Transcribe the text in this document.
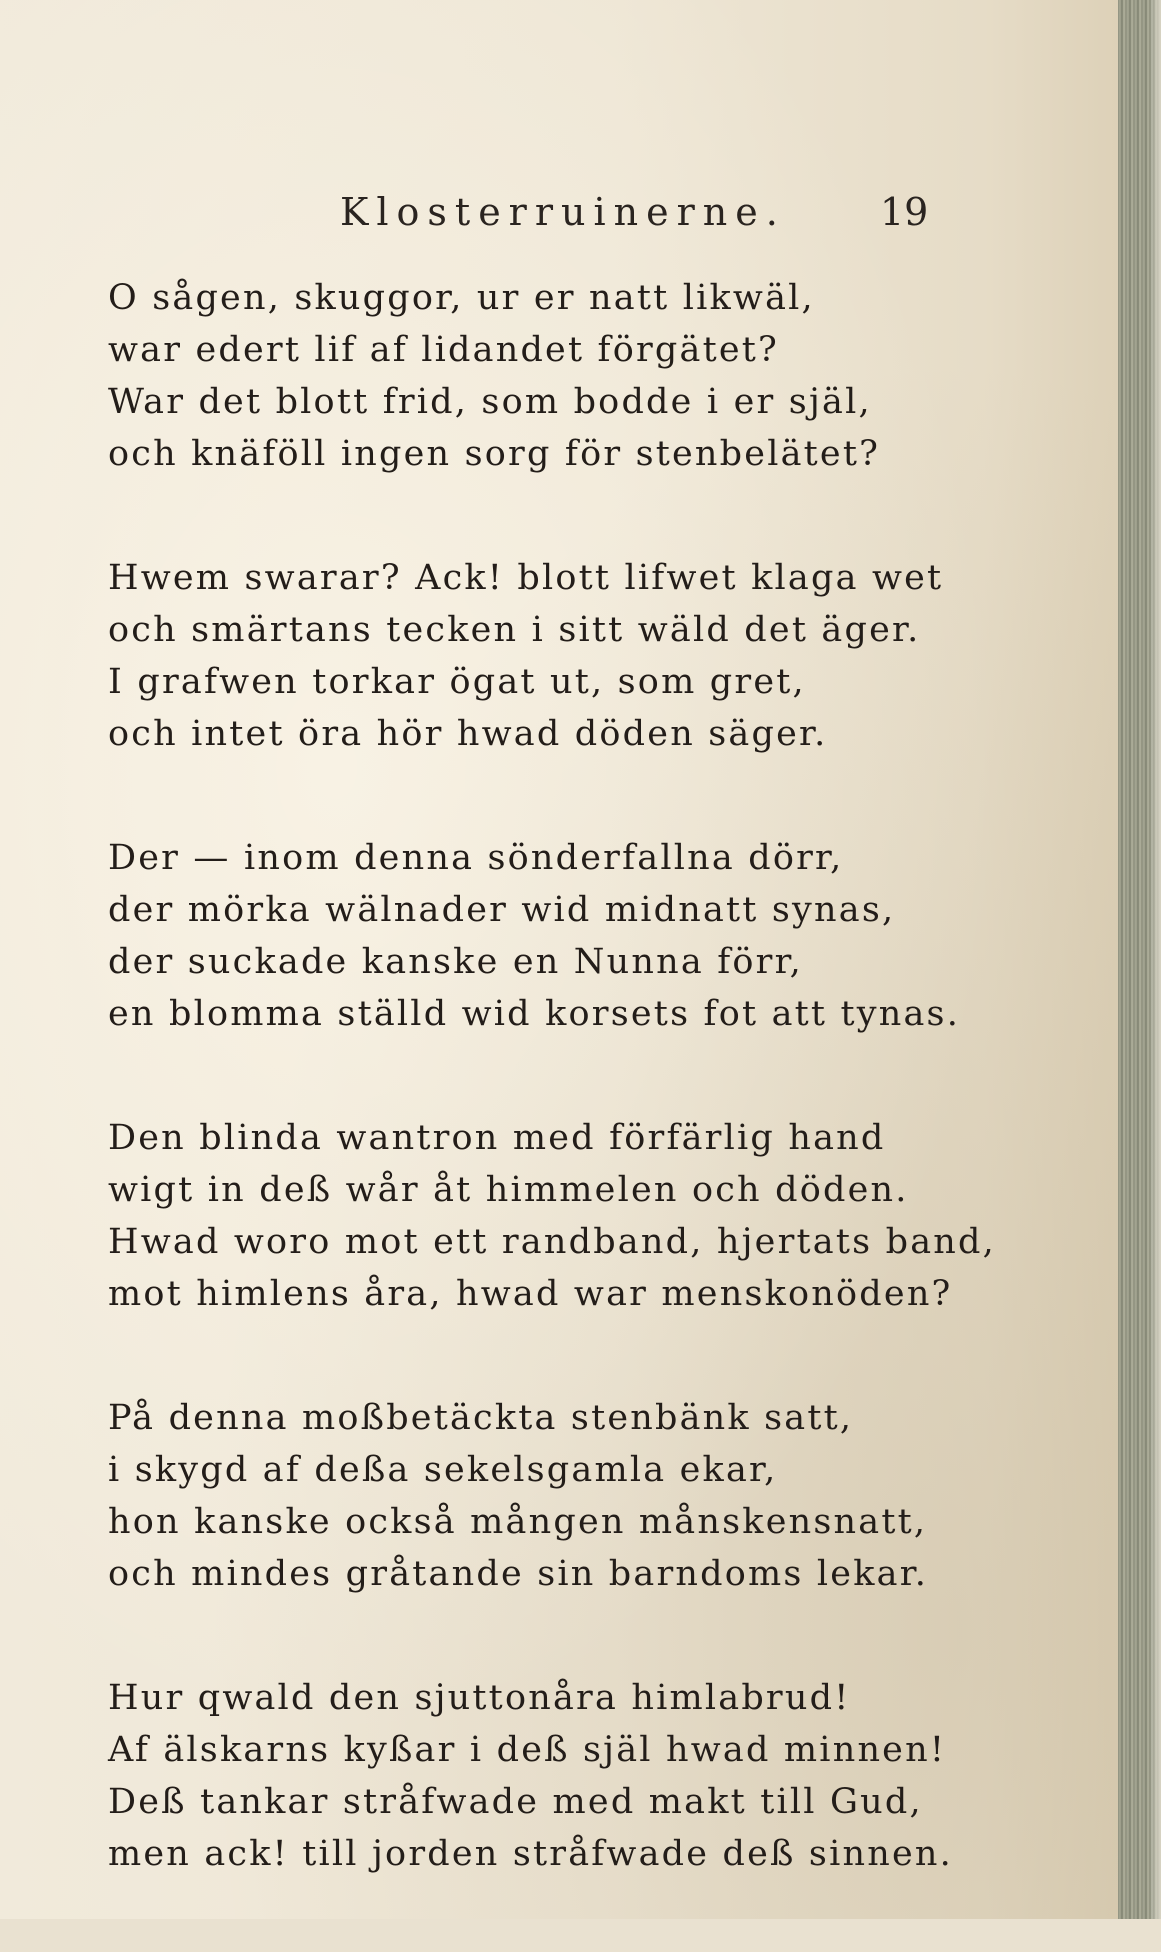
Klosterruinerne. 19
O sågen, skuggor, ur er natt likwäl,
war edert lif af lidandet förgätet?
War det blott frid, som bodde i er själ,
och knäföll ingen sorg för stenbelätet?
Hwem swarar? Ack! blott lifwet klaga wet
och smärtans tecken i sitt wäld det äger.
I grafwen torkar ögat ut, som gret,
och intet öra hör hwad döden säger.
Der — inom denna sönderfallna dörr,
der mörka wälnader wid midnatt synas,
der suckade kanske en Nunna förr,
en blomma ställd wid korsets fot att tynas.
Den blinda wantron med förfärlig hand
wigt in deß wår åt himmelen och döden.
Hwad woro mot ett randband, hjertats band,
mot himlens åra, hwad war menskonöden?
På denna moßbetäckta stenbänk satt,
i skygd af deßa sekelsgamla ekar,
hon kanske också mången månskensnatt,
och mindes gråtande sin barndoms lekar.
Hur qwald den sjuttonåra himlabrud!
Af älskarns kyßar i deß själ hwad minnen!
Deß tankar stråfwade med makt till Gud,
men ack! till jorden stråfwade deß sinnen.
